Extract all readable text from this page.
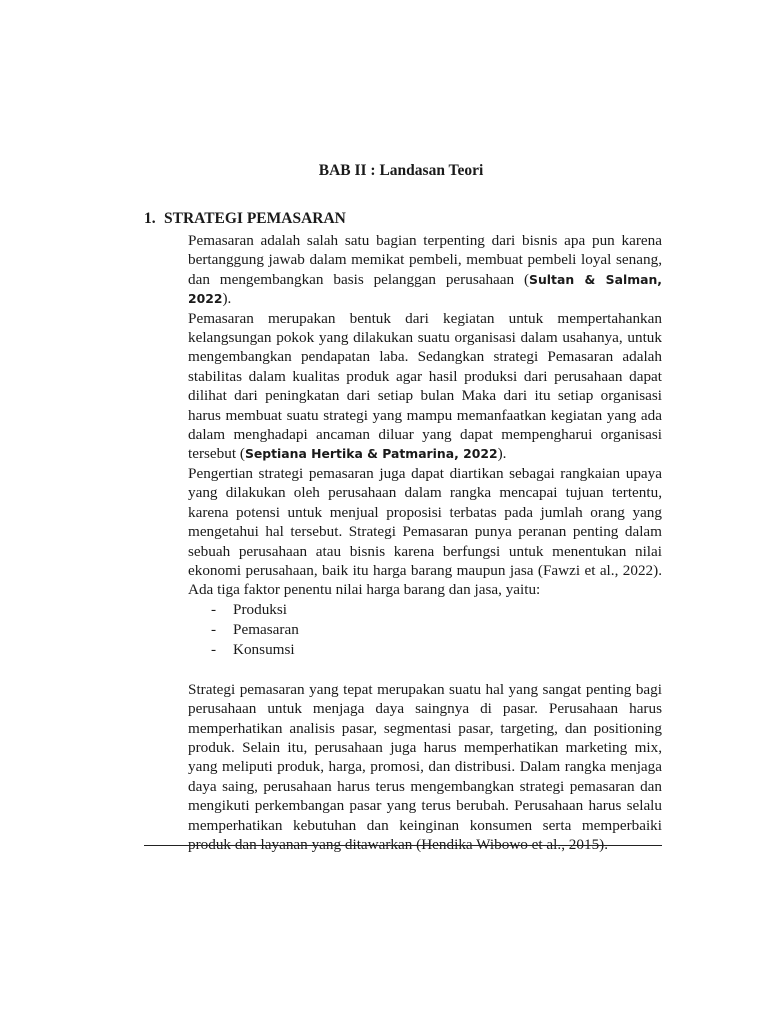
BAB II : Landasan Teori
1. STRATEGI PEMASARAN

Pemasaran adalah salah satu bagian terpenting dari bisnis apa pun karena bertanggung jawab dalam memikat pembeli, membuat pembeli loyal senang, dan mengembangkan basis pelanggan perusahaan (Sultan & Salman, 2022).

Pemasaran merupakan bentuk dari kegiatan untuk mempertahankan kelangsungan pokok yang dilakukan suatu organisasi dalam usahanya, untuk mengembangkan pendapatan laba. Sedangkan strategi Pemasaran adalah stabilitas dalam kualitas produk agar hasil produksi dari perusahaan dapat dilihat dari peningkatan dari setiap bulan Maka dari itu setiap organisasi harus membuat suatu strategi yang mampu memanfaatkan kegiatan yang ada dalam menghadapi ancaman diluar yang dapat mempengharui organisasi tersebut (Septiana Hertika & Patmarina, 2022).

Pengertian strategi pemasaran juga dapat diartikan sebagai rangkaian upaya yang dilakukan oleh perusahaan dalam rangka mencapai tujuan tertentu, karena potensi untuk menjual proposisi terbatas pada jumlah orang yang mengetahui hal tersebut. Strategi Pemasaran punya peranan penting dalam sebuah perusahaan atau bisnis karena berfungsi untuk menentukan nilai ekonomi perusahaan, baik itu harga barang maupun jasa (Fawzi et al., 2022). Ada tiga faktor penentu nilai harga barang dan jasa, yaitu:

- Produksi
- Pemasaran
- Konsumsi

Strategi pemasaran yang tepat merupakan suatu hal yang sangat penting bagi perusahaan untuk menjaga daya saingnya di pasar. Perusahaan harus memperhatikan analisis pasar, segmentasi pasar, targeting, dan positioning produk. Selain itu, perusahaan juga harus memperhatikan marketing mix, yang meliputi produk, harga, promosi, dan distribusi. Dalam rangka menjaga daya saing, perusahaan harus terus mengembangkan strategi pemasaran dan mengikuti perkembangan pasar yang terus berubah. Perusahaan harus selalu memperhatikan kebutuhan dan keinginan konsumen serta memperbaiki produk dan layanan yang ditawarkan (Hendika Wibowo et al., 2015).
